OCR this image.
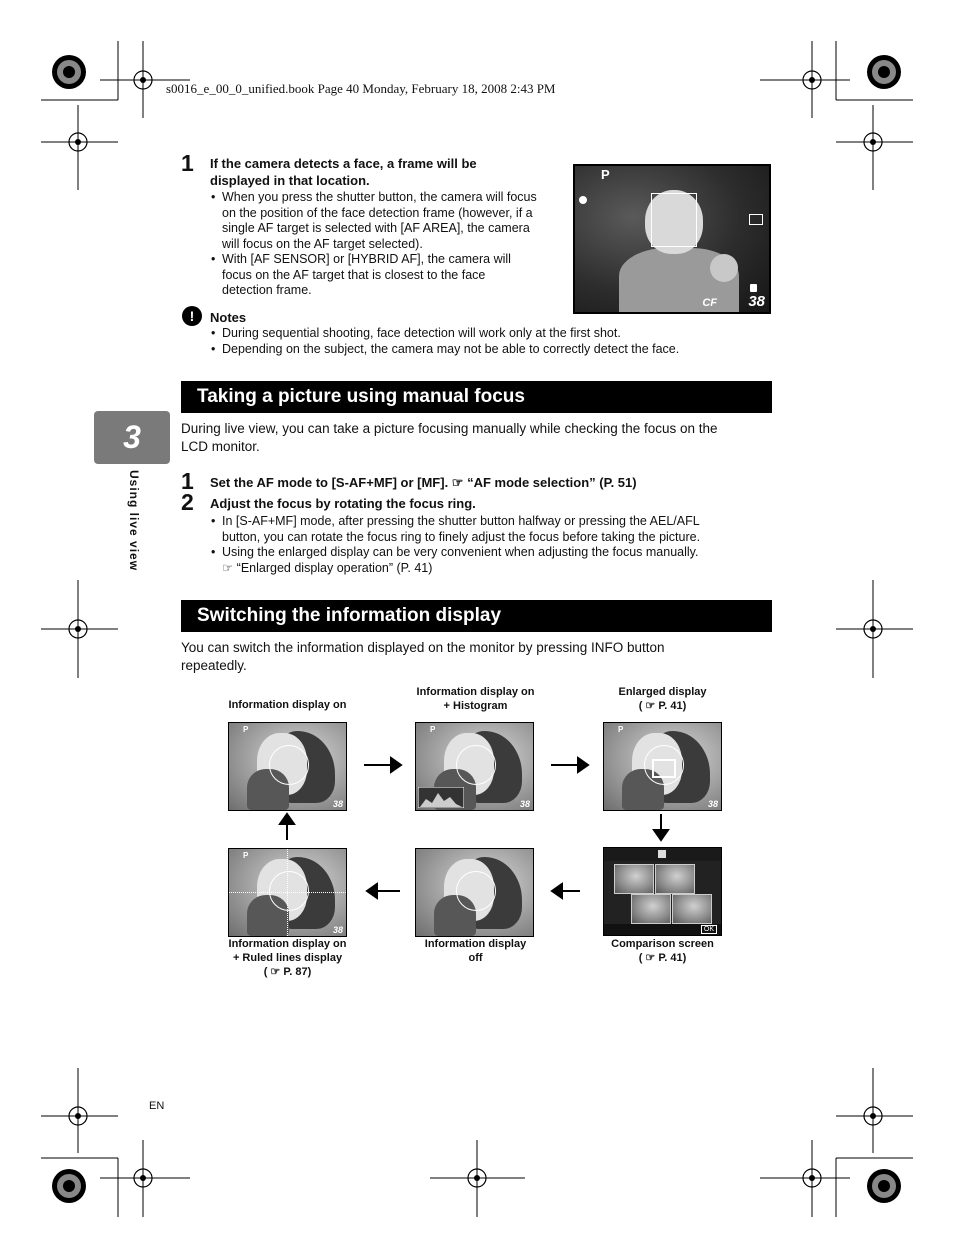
s0016_e_00_0_unified.book Page 40 Monday, February 18, 2008 2:43 PM
1 If the camera detects a face, a frame will be
displayed in that location.
• When you press the shutter button, the camera will focus
on the position of the face detection frame (however, if a
single AF target is selected with [AF AREA], the camera
will focus on the AF target selected).
• With [AF SENSOR] or [HYBRID AF], the camera will
focus on the AF target that is closest to the face
detection frame.
P
CF 38
!	Notes
• During sequential shooting, face detection will work only at the first shot.
• Depending on the subject, the camera may not be able to correctly detect the face.
Taking a picture using manual focus
During live view, you can take a picture focusing manually while checking the focus on the
LCD monitor.
1 Set the AF mode to [S-AF+MF] or [MF]. ☞ “AF mode selection” (P. 51)
2 Adjust the focus by rotating the focus ring.
• In [S-AF+MF] mode, after pressing the shutter button halfway or pressing the AEL/AFL
button, you can rotate the focus ring to finely adjust the focus before taking the picture.
• Using the enlarged display can be very convenient when adjusting the focus manually.
☞ “Enlarged display operation” (P. 41)
3
Using live view
Switching the information display
You can switch the information displayed on the monitor by pressing INFO button
repeatedly.
Information display on
Information display on
+ Histogram
Enlarged display
( ☞ P. 41)
P
38
P
38
P
38
P
38	OK
Information display on
+ Ruled lines display
( ☞ P. 87)
Information display
off
Comparison screen
( ☞ P. 41)
EN
